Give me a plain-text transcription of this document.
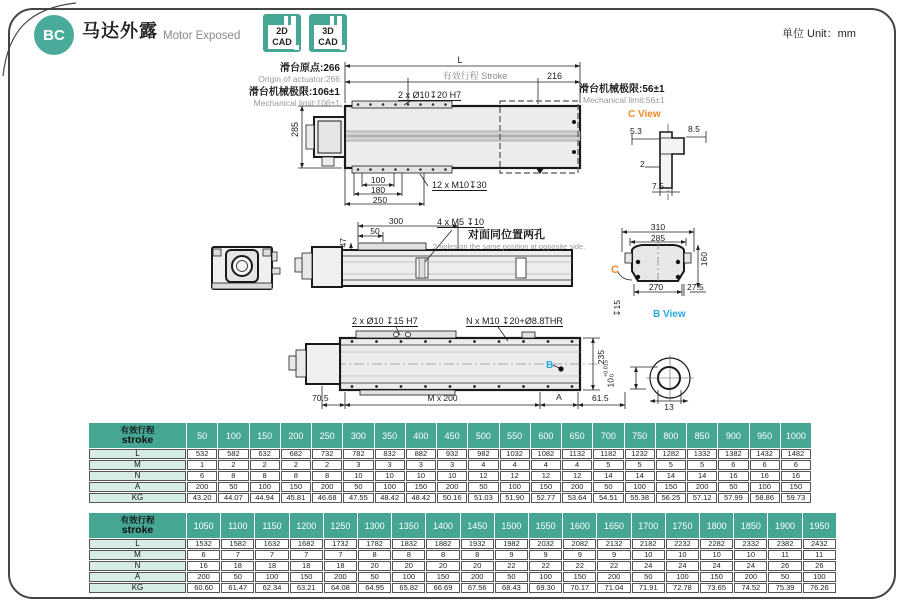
BC 马达外露 Motor Exposed	单位 Unit：mm
2D
CAD
3D
CAD
滑台原点:266
Origin of actuator:266
滑台机械极限:106±1
Mechanical limit:106±1
L
有效行程 Stroke	216
滑台机械极限:56±1
Mechanical limit:56±1
2 x Ø10↧20 H7
285
100
180
250
12 x M10↧30
C View
5.3	8.5
2
7.5
300
50
47
4 x M5 ↧10
对面同位置两孔
2 holes on the same position at opposite side.
310
285
160
270	27.5
C
B View
↧15
10
+0.015 0
13
2 x Ø10 ↧15 H7	N x M10 ↧20+Ø8.8THR
235
70.5	M x 200	A	61.5
B
有效行程
stroke	50	100	150	200	250	300	350	400	450	500	550	600	650	700	750	800	850	900	950	1000
L	532	582	632	682	732	782	832	882	932	982	1032	1082	1132	1182	1232	1282	1332	1382	1432	1482
M	1	2	2	2	2	3	3	3	3	4	4	4	4	5	5	5	5	6	6	6
N	6	8	8	8	8	10	10	10	10	12	12	12	12	14	14	14	14	16	16	16
A	200	50	100	150	200	50	100	150	200	50	100	150	200	50	100	150	200	50	100	150
KG	43.20	44.07	44.94	45.81	46.68	47.55	48.42	48.42	50.16	51.03	51.90	52.77	53.64	54.51	55.38	56.25	57.12	57.99	58.86	59.73
有效行程
stroke	1050	1100	1150	1200	1250	1300	1350	1400	1450	1500	1550	1600	1650	1700	1750	1800	1850	1900	1950
L	1532	1582	1632	1682	1732	1782	1832	1882	1932	1982	2032	2082	2132	2182	2232	2282	2332	2382	2432
M	6	7	7	7	7	8	8	8	8	9	9	9	9	10	10	10	10	11	11
N	16	18	18	18	18	20	20	20	20	22	22	22	22	24	24	24	24	26	26
A	200	50	100	150	200	50	100	150	200	50	100	150	200	50	100	150	200	50	100
KG	60.60	61.47	62.34	63.21	64.08	64.95	65.82	66.69	67.56	68.43	69.30	70.17	71.04	71.91	72.78	73.65	74.52	75.39	76.26
